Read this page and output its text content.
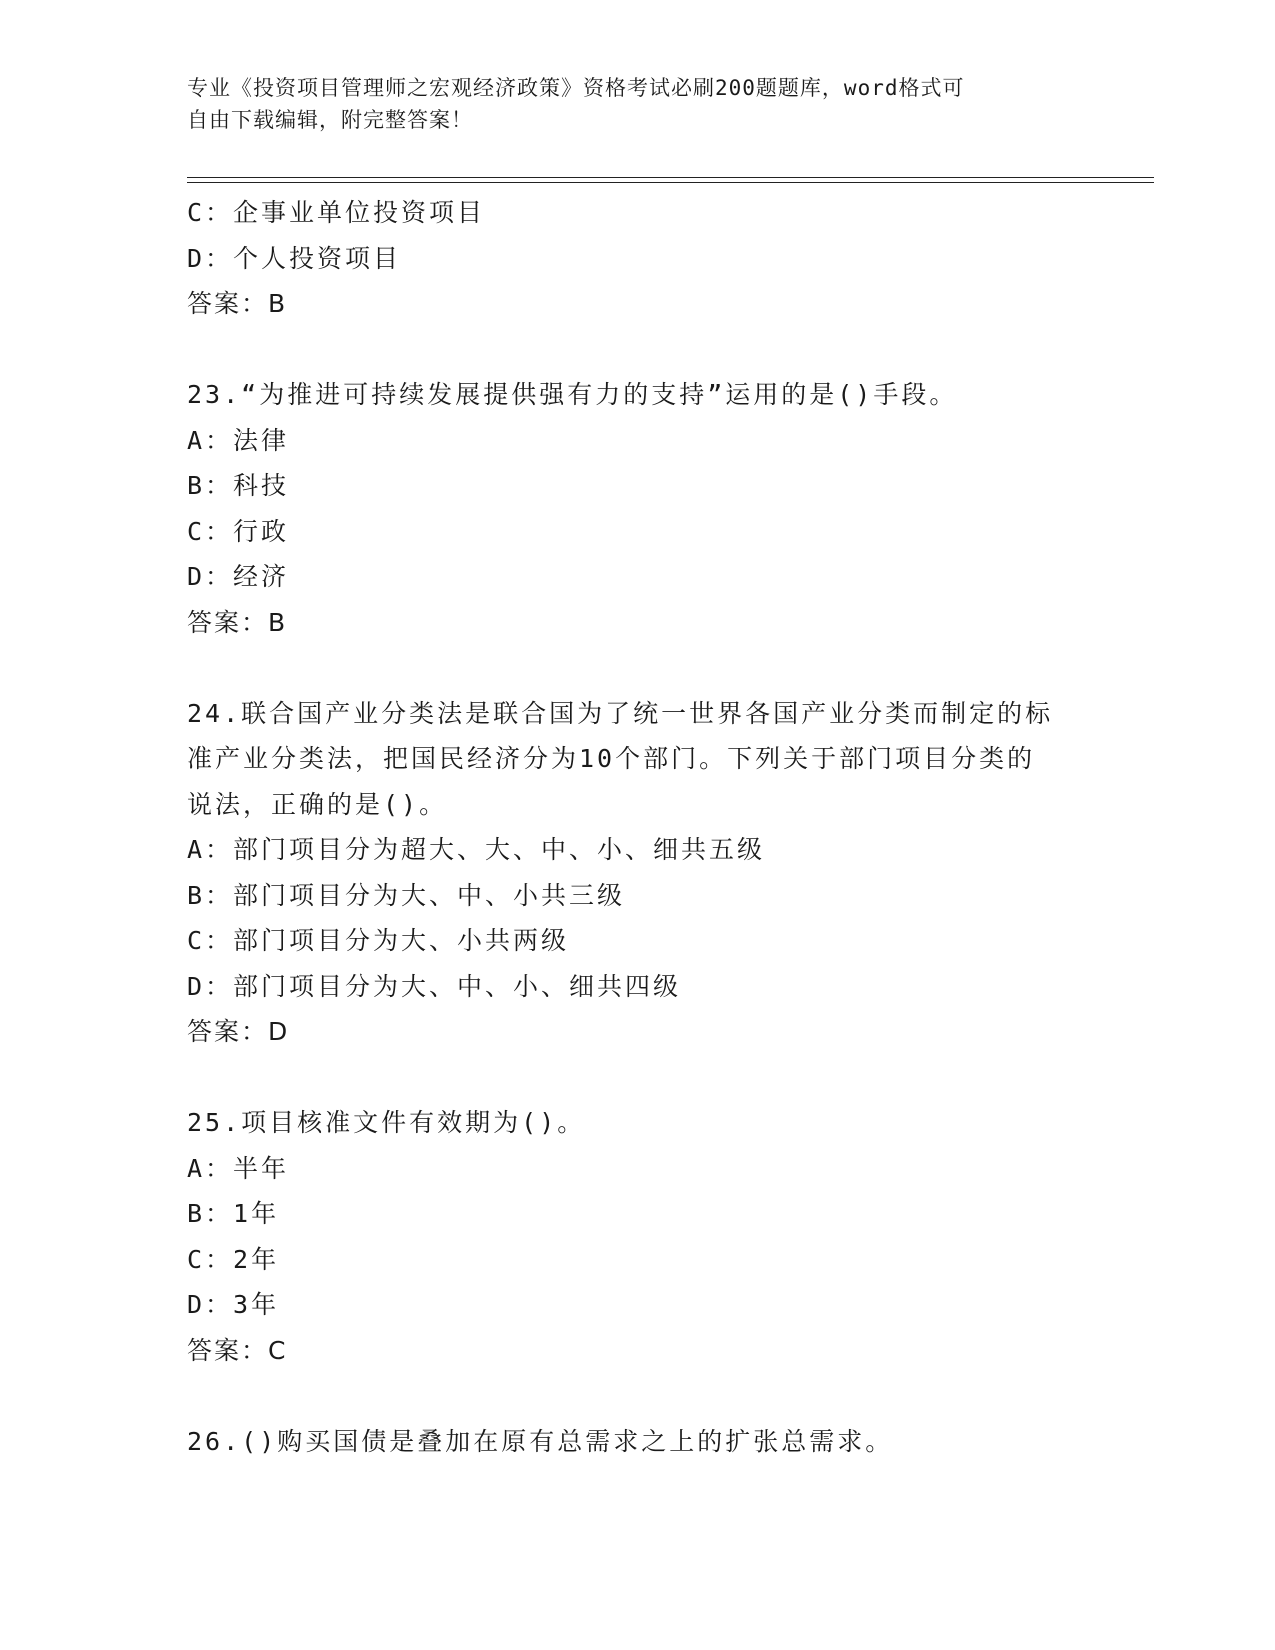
专业《投资项目管理师之宏观经济政策》资格考试必刷200题题库，word格式可
自由下载编辑，附完整答案！
C：企事业单位投资项目
D：个人投资项目
答案：B
23.“为推进可持续发展提供强有力的支持”运用的是()手段。
A：法律
B：科技
C：行政
D：经济
答案：B
24.联合国产业分类法是联合国为了统一世界各国产业分类而制定的标
准产业分类法，把国民经济分为10个部门。下列关于部门项目分类的
说法，正确的是()。
A：部门项目分为超大、大、中、小、细共五级
B：部门项目分为大、中、小共三级
C：部门项目分为大、小共两级
D：部门项目分为大、中、小、细共四级
答案：D
25.项目核准文件有效期为()。
A：半年
B：1年
C：2年
D：3年
答案：C
26.()购买国债是叠加在原有总需求之上的扩张总需求。
